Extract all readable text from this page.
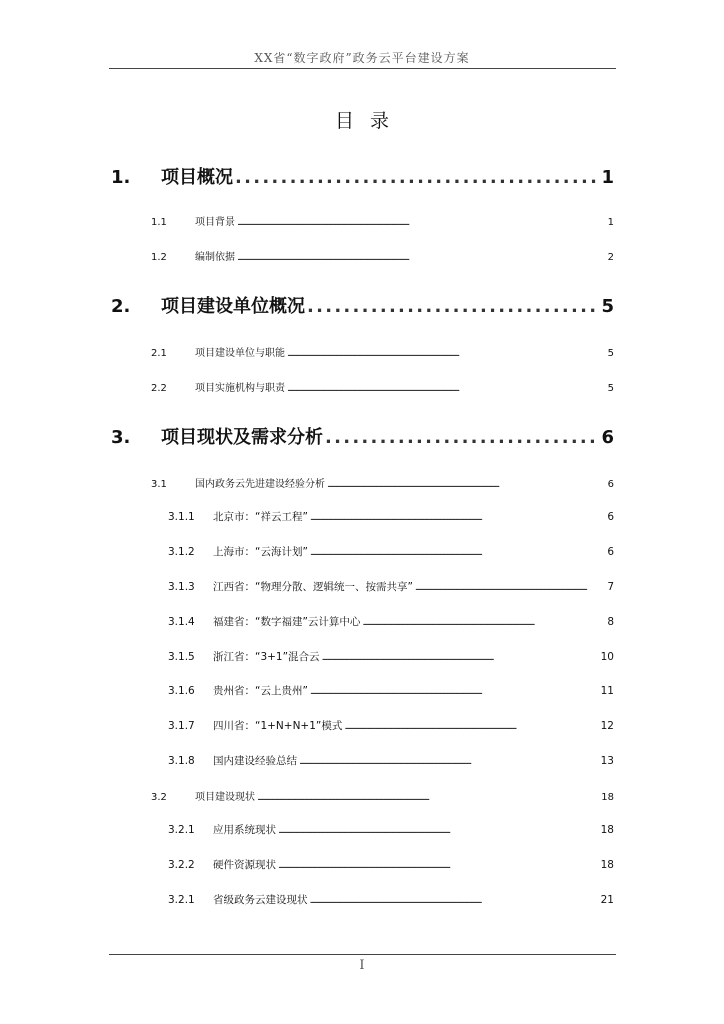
XX省“数字政府”政务云平台建设方案
目录
1.	项目概况 . . .	1
1.1	项目背景 . . .	1
1.2	编制依据 . . .	2
2.	项目建设单位概况 . . .	5
2.1	项目建设单位与职能 . . .	5
2.2	项目实施机构与职责 . . .	5
3.	项目现状及需求分析 . . .	6
3.1	国内政务云先进建设经验分析 . . .	6
3.1.1	北京市：“祥云工程” . . .	6
3.1.2	上海市：“云海计划” . . .	6
3.1.3	江西省：“物理分散、逻辑统一、按需共享” . . .	7
3.1.4	福建省：“数字福建”云计算中心 . . .	8
3.1.5	浙江省：“3+1”混合云 . . .	10
3.1.6	贵州省：“云上贵州” . . .	11
3.1.7	四川省：“1+N+N+1”模式 . . .	12
3.1.8	国内建设经验总结 . . .	13
3.2	项目建设现状 . . .	18
3.2.1	应用系统现状 . . .	18
3.2.2	硬件资源现状 . . .	18
3.2.1	省级政务云建设现状 . . .	21
I
